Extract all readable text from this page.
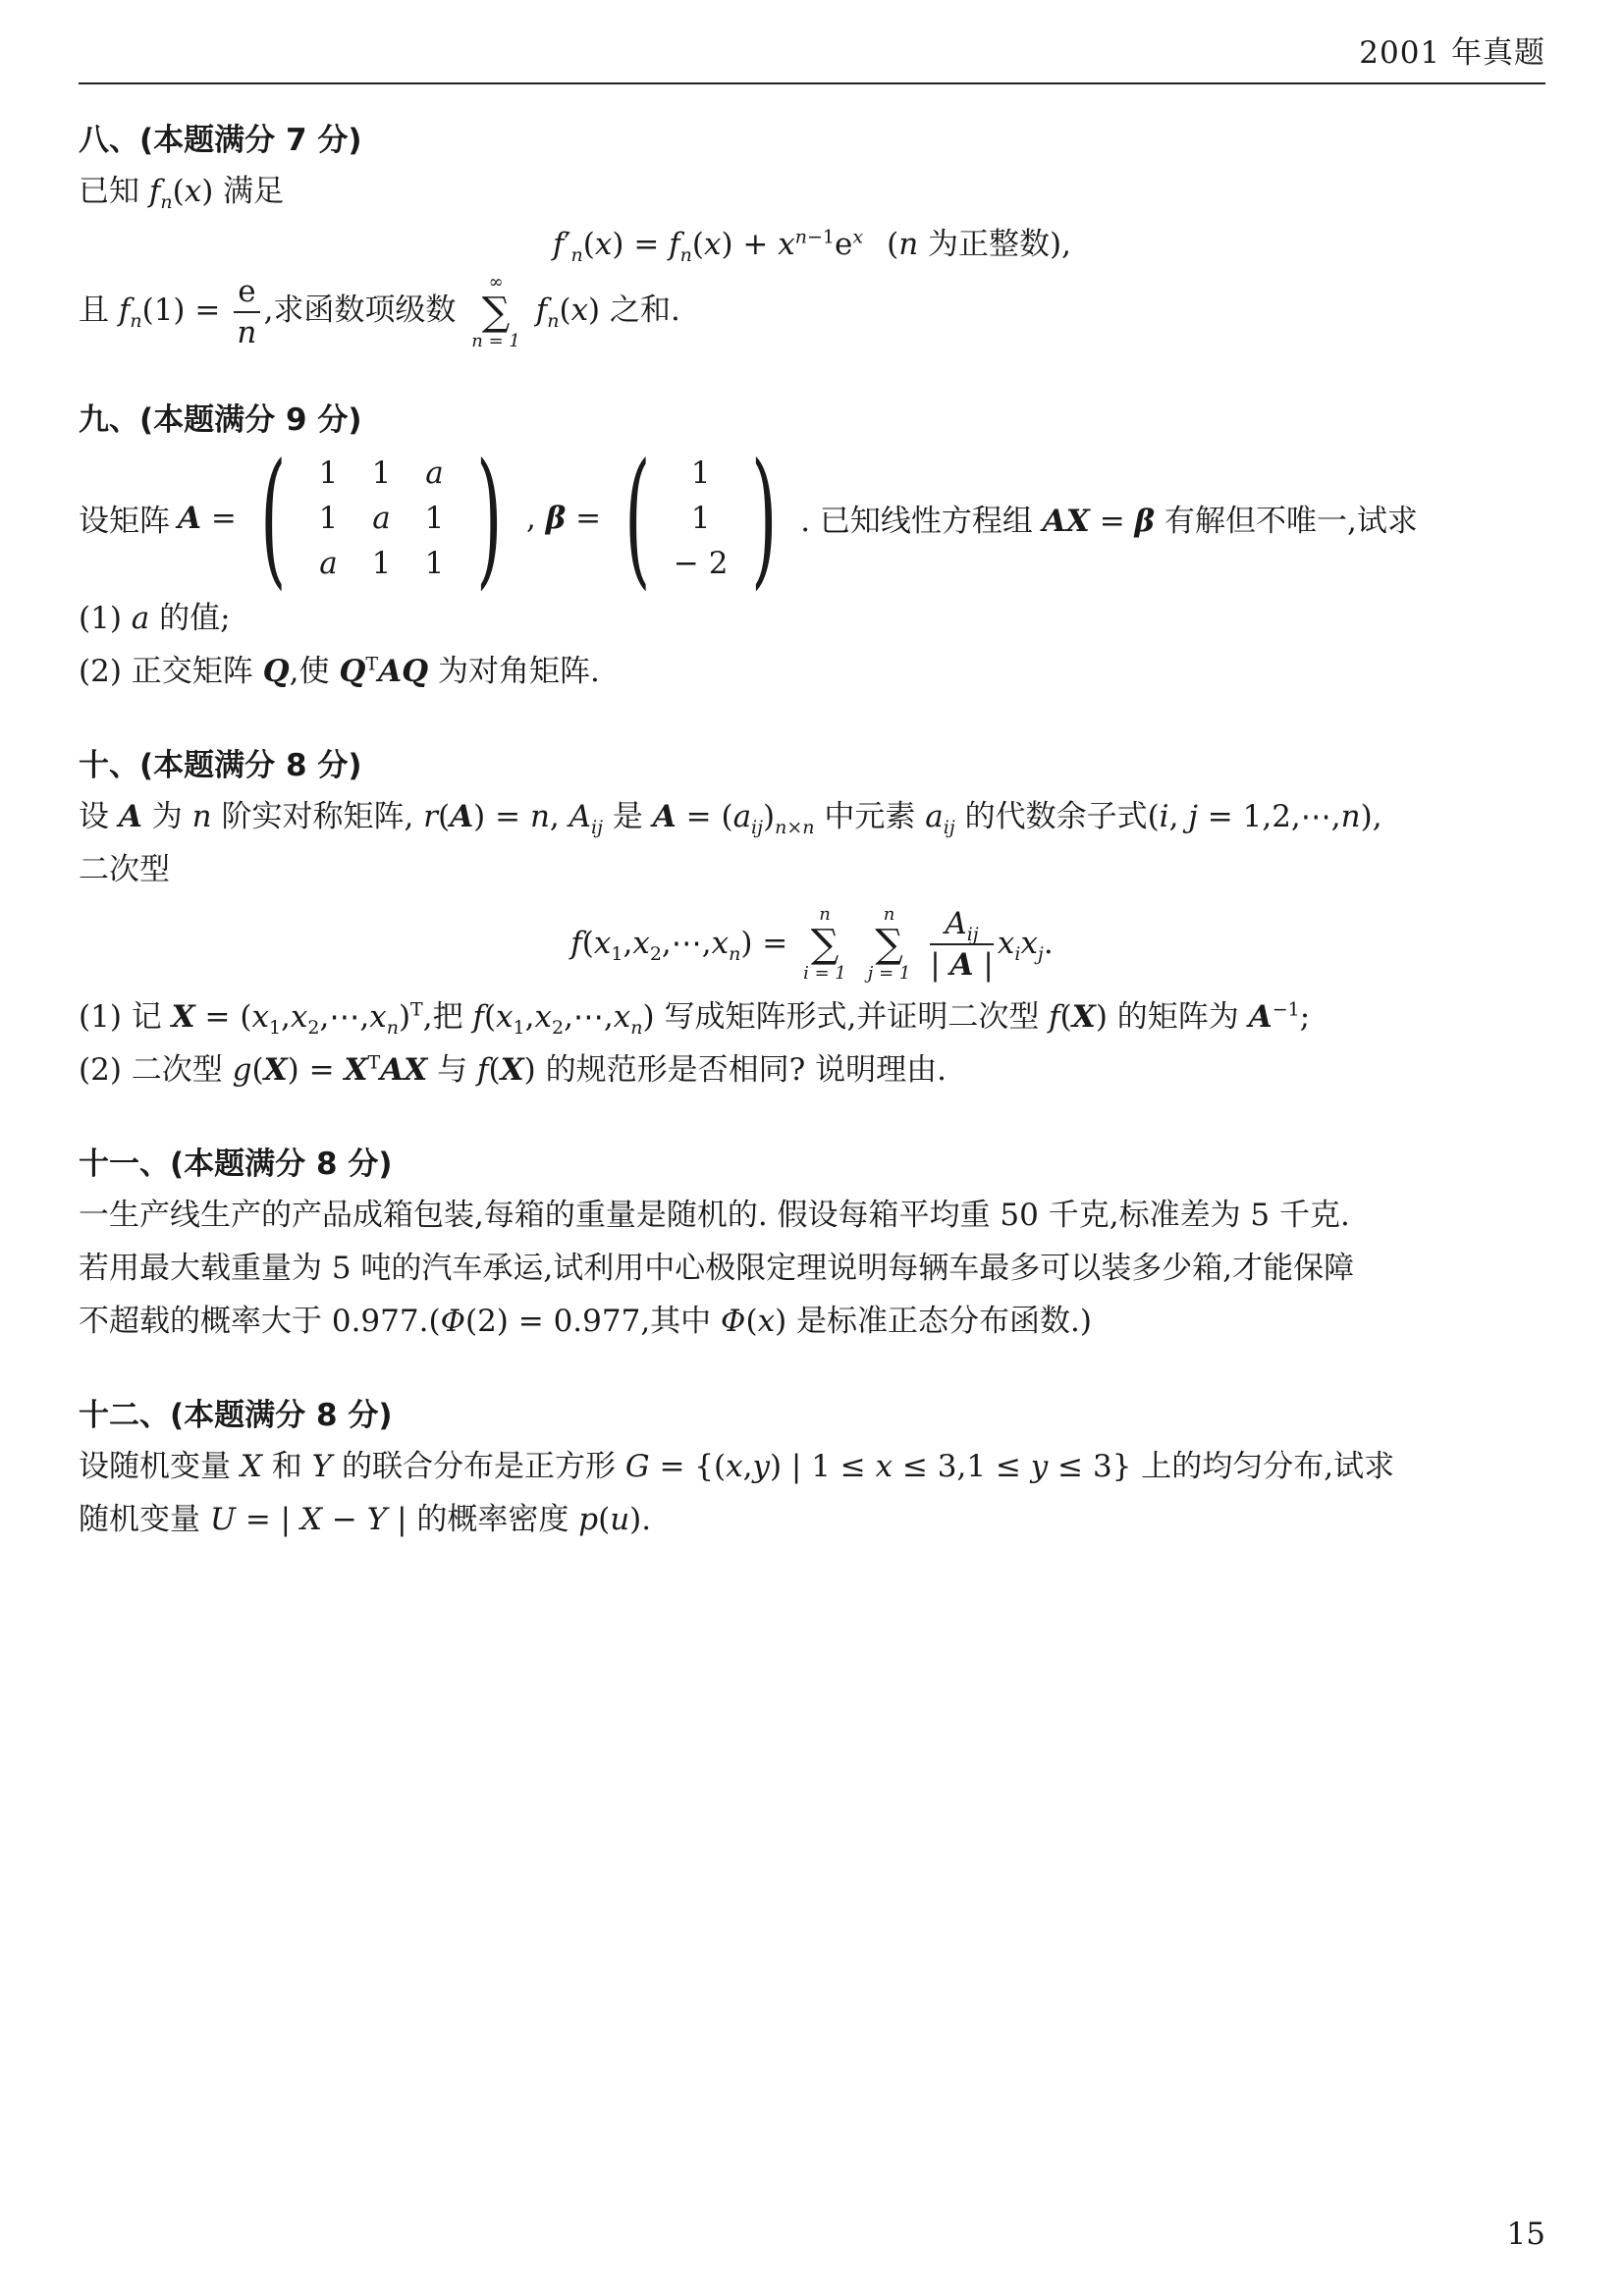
2001 年真题
八、(本题满分 7 分)
已知 $f_n(x)$ 满足
$f'_n(x) = f_n(x) + x^{n-1}e^x$ (n 为正整数),
且 $f_n(1) = \frac{e}{n}$ ,求函数项级数
∞
∑
n = 1
$f_n(x)$ 之和.
九、(本题满分 9 分)
设矩阵 A = (	1	1	a
1	a	1
a	1	1 ) , β = (	1
1
− 2 ) . 已知线性方程组 AX = β 有解但不唯一,试求
(1) a 的值;
(2) 正交矩阵 Q,使 $Q^TAQ$ 为对角矩阵.
十、(本题满分 8 分)
设 A 为 n 阶实对称矩阵, r(A) = n, $A_{ij}$ 是 $A = (a_{ij})_{n\times n}$ 中元素 $a_{ij}$ 的代数余子式(i, j = 1,2,⋯,n),
二次型
$f(x_1,x_2,\cdots,x_n)$ =
n
∑
i = 1

n
∑
j = 1
$\frac{A_{ij}}{| A |} x_ix_j$.
(1) 记 $X = (x_1,x_2,\cdots,x_n)^T$,把 $f(x_1,x_2,\cdots,x_n)$ 写成矩阵形式,并证明二次型 f(X) 的矩阵为 $A^{-1}$;
(2) 二次型 $g(X) = X^TAX$ 与 f(X) 的规范形是否相同? 说明理由.
十一、(本题满分 8 分)
一生产线生产的产品成箱包装,每箱的重量是随机的. 假设每箱平均重 50 千克,标准差为 5 千克.
若用最大载重量为 5 吨的汽车承运,试利用中心极限定理说明每辆车最多可以装多少箱,才能保障
不超载的概率大于 0.977.(Φ(2) = 0.977,其中 Φ(x) 是标准正态分布函数.)
十二、(本题满分 8 分)
设随机变量 X 和 Y 的联合分布是正方形 G = {(x,y) | 1 ≤ x ≤ 3,1 ≤ y ≤ 3} 上的均匀分布,试求
随机变量 U = | X − Y | 的概率密度 p(u).
15
